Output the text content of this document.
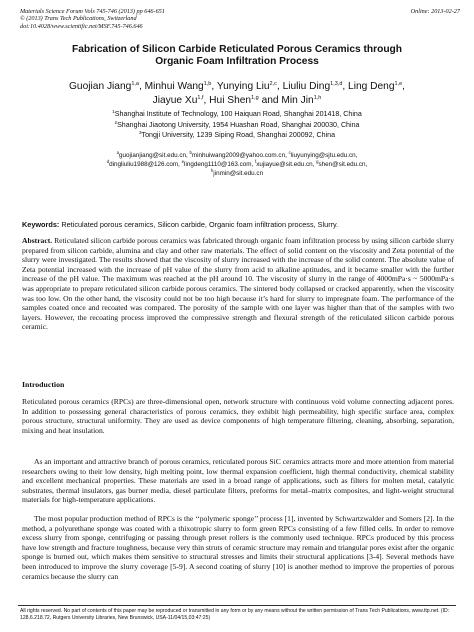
Materials Science Forum Vols 745-746 (2013) pp 646-651
© (2013) Trans Tech Publications, Switzerland
doi:10.4028/www.scientific.net/MSF.745-746.646
Online: 2013-02-27
Fabrication of Silicon Carbide Reticulated Porous Ceramics through
Organic Foam Infiltration Process
Guojian Jiang$^{1,a}$, Minhui Wang$^{1,b}$, Yunying Liu$^{2,c}$, Liuliu Ding$^{1,3,d}$, Ling Deng$^{1,e}$,
Jiayue Xu$^{1,f}$, Hui Shen$^{1,g}$ and Min Jin$^{1,h}$
$^1$Shanghai Institute of Technology, 100 Haiquan Road, Shanghai 201418, China
$^2$Shanghai Jiaotong University, 1954 Huashan Road, Shanghai 200030, China
$^3$Tongji University, 1239 Siping Road, Shanghai 200092, China
$^a$guojianjiang@sit.edu.cn, $^b$minhuiwang2009@yahoo.com.cn, $^c$liuyunying@sjtu.edu.cn,
$^d$dingliuliu1988@126.com, $^e$lingdeng1110@163.com, $^f$xujiayue@sit.edu.cn, $^g$shen@sit.edu.cn,
$^h$jinmin@sit.edu.cn
Keywords: Reticulated porous ceramics, Silicon carbide, Organic foam infiltration process, Slurry.
Abstract. Reticulated silicon carbide porous ceramics was fabricated through organic foam infiltration process by using silicon carbide slurry prepared from silicon carbide, alumina and clay and other raw materials. The effect of solid content on the viscosity and Zeta potential of the slurry were investigated. The results showed that the viscosity of slurry increased with the increase of the solid content. The absolute value of Zeta potential increased with the increase of pH value of the slurry from acid to alkaline aptitudes, and it became smaller with the further increase of the pH value. The maximum was reached at the pH around 10. The viscosity of slurry in the range of 4000mPa·s ~ 5000mPa·s was appropriate to prepare reticulated silicon carbide porous ceramics. The sintered body collapsed or cracked apparently, when the viscosity was too low. On the other hand, the viscosity could not be too high because it’s hard for slurry to impregnate foam. The performance of the samples coated once and recoated was compared. The porosity of the sample with one layer was higher than that of the samples with two layers. However, the recoating process improved the compressive strength and flexural strength of the reticulated silicon carbide porous ceramic.
Introduction
Reticulated porous ceramics (RPCs) are three-dimensional open, network structure with continuous void volume connecting adjacent pores. In addition to possessing general characteristics of porous ceramics, they exhibit high permeability, high specific surface area, complex porous structure, structural uniformity. They are used as device components of high temperature filtering, cleaning, absorbing, separation, mixing and heat insulation.
As an important and attractive branch of porous ceramics, reticulated porous SiC ceramics attracts more and more attention from material researchers owing to their low density, high melting point, low thermal expansion coefficient, high thermal conductivity, chemical stability and excellent mechanical properties. These materials are used in a broad range of applications, such as filters for molten metal, catalytic substrates, thermal insulators, gas burner media, diesel particulate filters, preforms for metal–matrix composites, and light-weight structural materials for high-temperature applications.
The most popular production method of RPCs is the ‘‘polymeric sponge’’ process [1], invented by Schwartzwalder and Somers [2]. In the method, a polyurethane sponge was coated with a thixotropic slurry to form green RPCs consisting of a few filled cells. In order to remove excess slurry from sponge, centrifuging or passing through preset rollers is the commonly used technique. RPCs produced by this process have low strength and fracture toughness, because very thin struts of ceramic structure may remain and triangular pores exist after the organic sponge is burned out, which makes them sensitive to structural stresses and limits their structural applications [3-4]. Several methods have been introduced to improve the slurry coverage [5-9]. A second coating of slurry [10] is another method to improve the properties of porous ceramics because the slurry can
All rights reserved. No part of contents of this paper may be reproduced or transmitted in any form or by any means without the written permission of Trans Tech Publications, www.ttp.net. (ID: 128.6.218.72, Rutgers University Libraries, New Brunswick, USA-11/04/15,03:47:25)
